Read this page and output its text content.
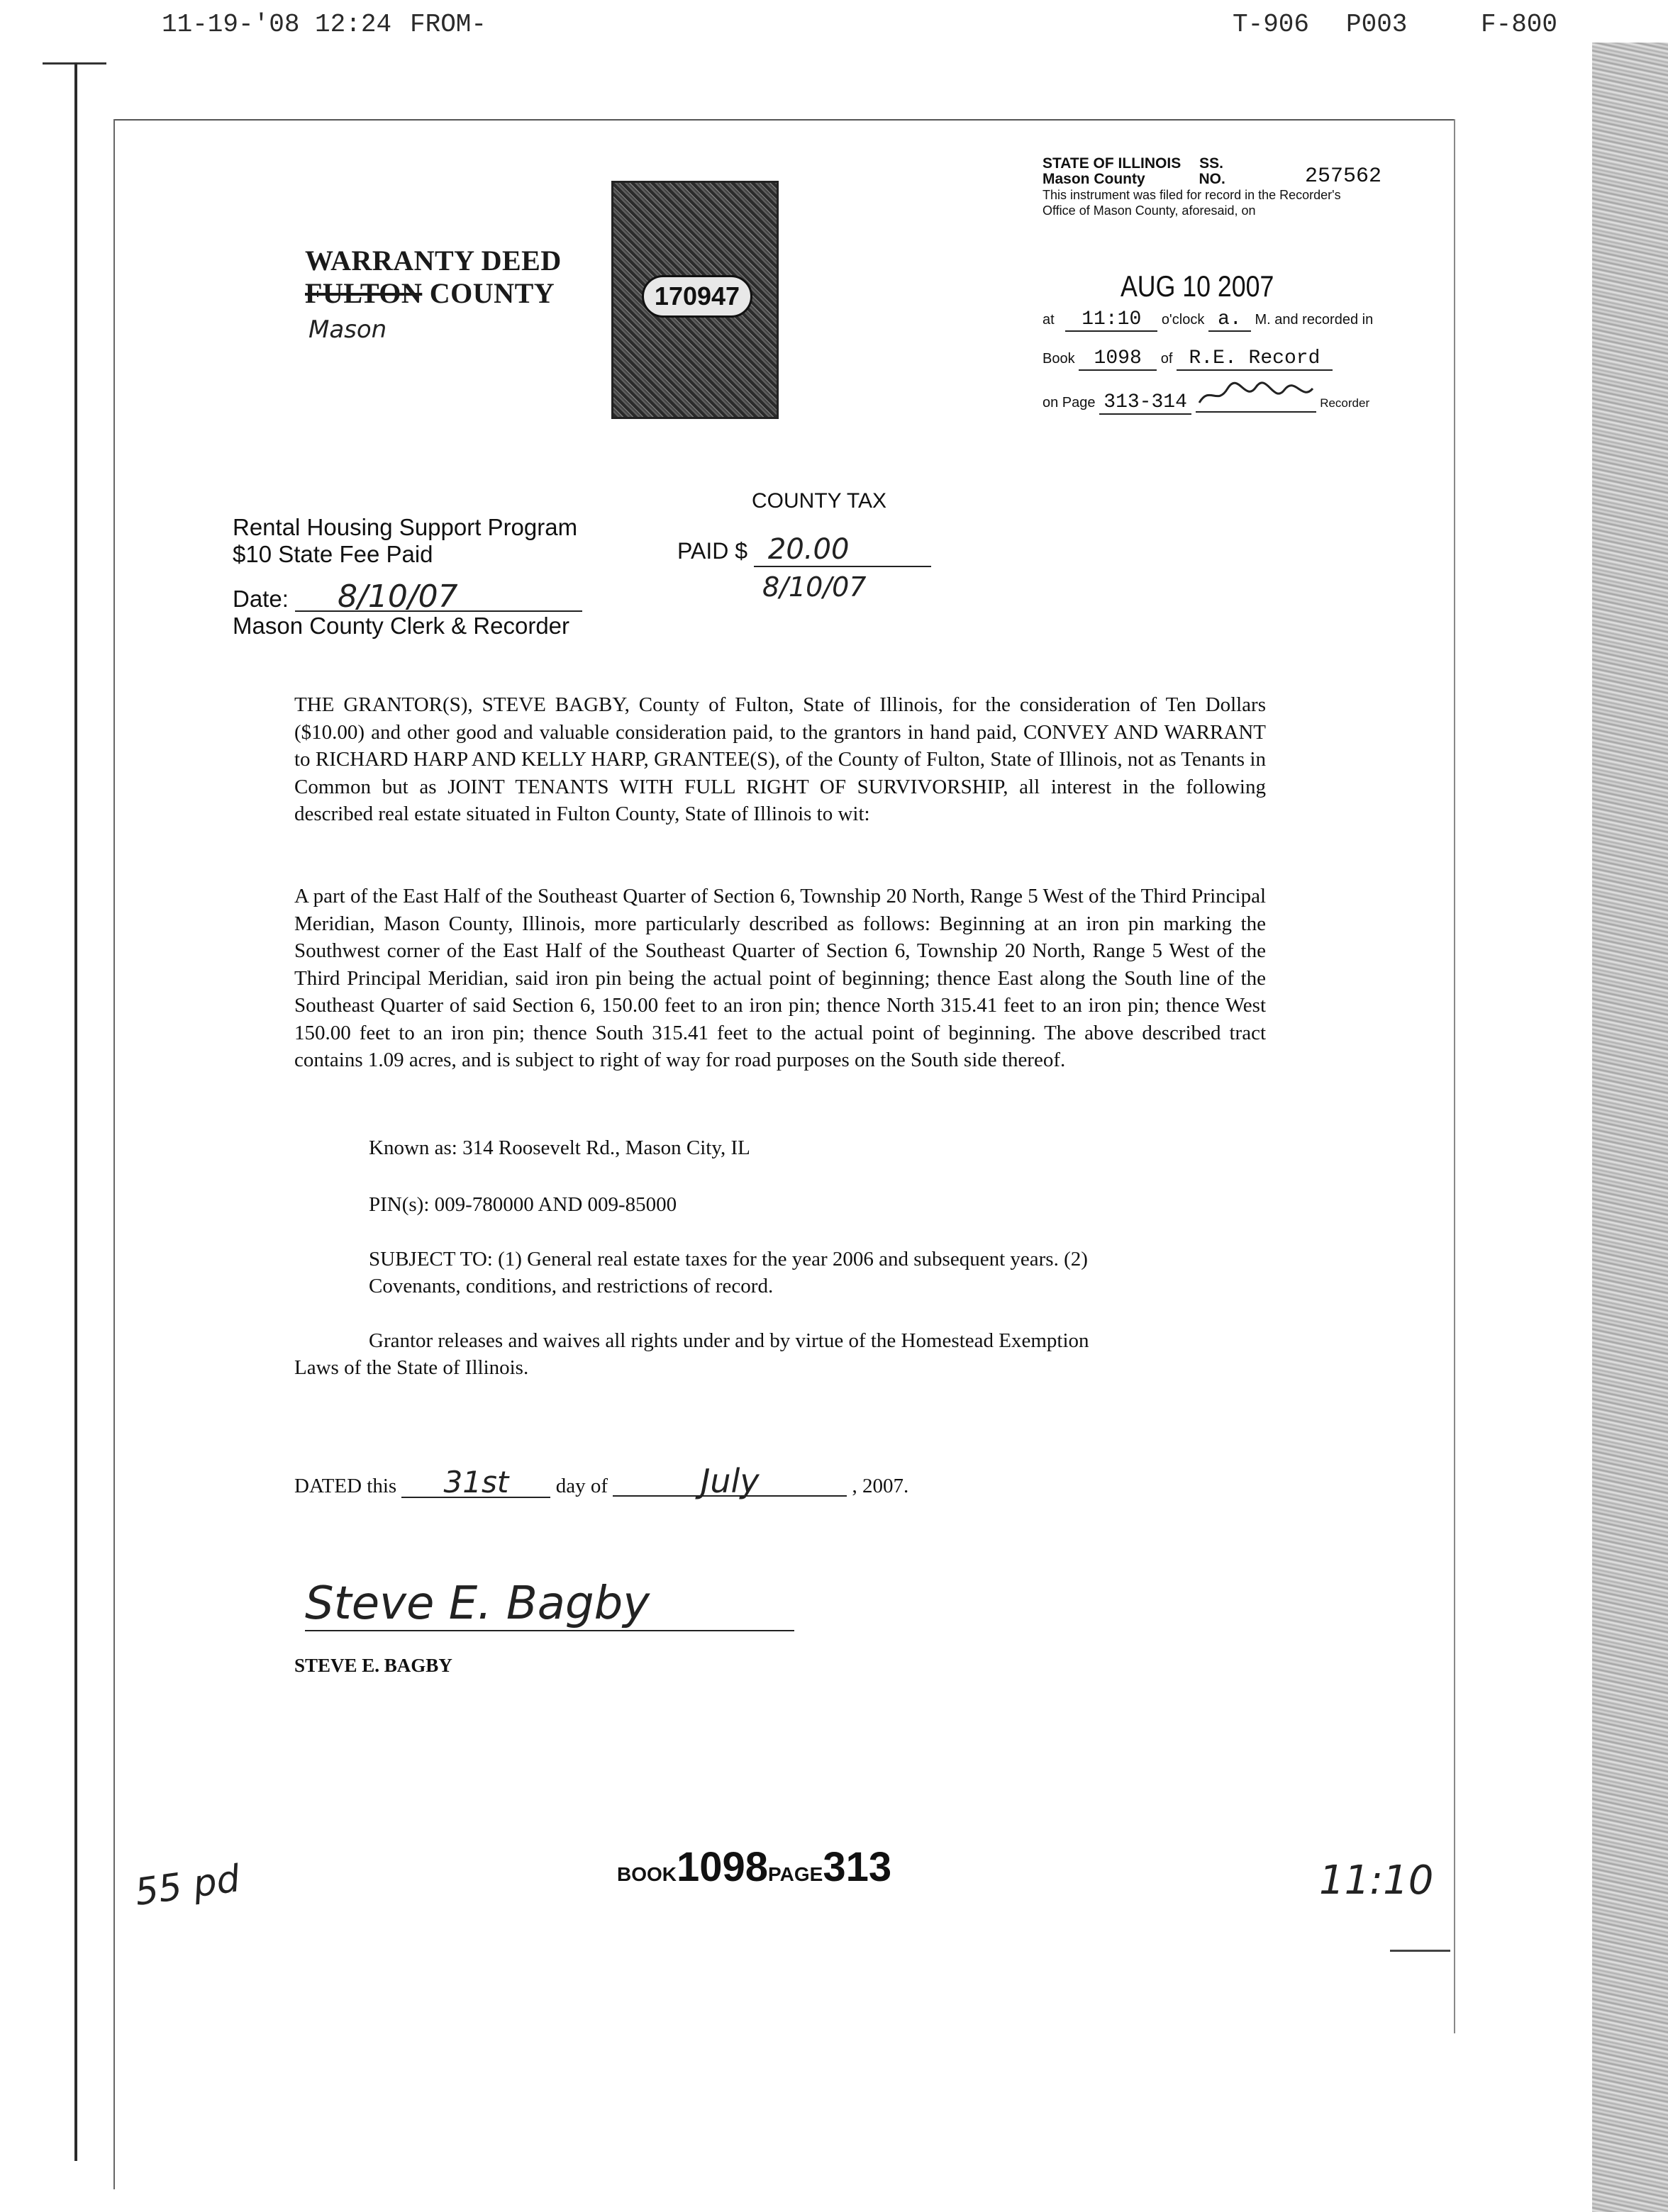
11-19-'08 12:24 FROM-	T-906 P003	F-800
170947
WARRANTY DEED
FULTON COUNTY
Mason
STATE OF ILLINOIS SS.
Mason County	NO.	257562
This instrument was filed for record in the Recorder's
Office of Mason County, aforesaid, on
AUG 10 2007
at 11:10 o'clock a. M. and recorded in
Book 1098 of R.E. Record
on Page 313-314	Recorder
Rental Housing Support Program
$10 State Fee Paid
Date: 8/10/07
Mason County Clerk & Recorder
COUNTY TAX
PAID $ 20.00
8/10/07
THE GRANTOR(S), STEVE BAGBY, County of Fulton, State of Illinois, for the consideration of Ten Dollars ($10.00) and other good and valuable consideration paid, to the grantors in hand paid, CONVEY AND WARRANT to RICHARD HARP AND KELLY HARP, GRANTEE(S), of the County of Fulton, State of Illinois, not as Tenants in Common but as JOINT TENANTS WITH FULL RIGHT OF SURVIVORSHIP, all interest in the following described real estate situated in Fulton County, State of Illinois to wit:
A part of the East Half of the Southeast Quarter of Section 6, Township 20 North, Range 5 West of the Third Principal Meridian, Mason County, Illinois, more particularly described as follows: Beginning at an iron pin marking the Southwest corner of the East Half of the Southeast Quarter of Section 6, Township 20 North, Range 5 West of the Third Principal Meridian, said iron pin being the actual point of beginning; thence East along the South line of the Southeast Quarter of said Section 6, 150.00 feet to an iron pin; thence North 315.41 feet to an iron pin; thence West 150.00 feet to an iron pin; thence South 315.41 feet to the actual point of beginning. The above described tract contains 1.09 acres, and is subject to right of way for road purposes on the South side thereof.
Known as: 314 Roosevelt Rd., Mason City, IL
PIN(s): 009-780000 AND 009-85000
SUBJECT TO: (1) General real estate taxes for the year 2006 and subsequent years. (2)
Covenants, conditions, and restrictions of record.
Grantor releases and waives all rights under and by virtue of the Homestead Exemption
Laws of the State of Illinois.
DATED this 31st day of	July	, 2007.
Steve E. Bagby
STEVE E. BAGBY
BOOK1098PAGE313
55 pd	11:10
